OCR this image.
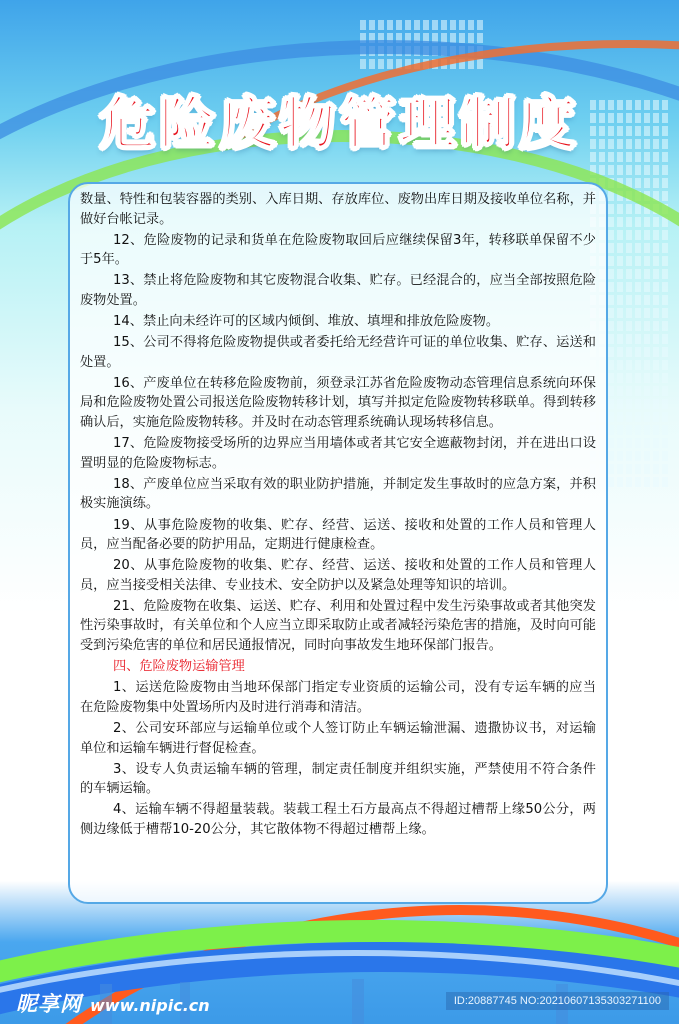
危险废物管理制度

数量、特性和包装容器的类别、入库日期、存放库位、废物出库日期及接收单位名称，并做好台帐记录。

12、危险废物的记录和货单在危险废物取回后应继续保留3年，转移联单保留不少于5年。

13、禁止将危险废物和其它废物混合收集、贮存。已经混合的，应当全部按照危险废物处置。

14、禁止向未经许可的区域内倾倒、堆放、填埋和排放危险废物。

15、公司不得将危险废物提供或者委托给无经营许可证的单位收集、贮存、运送和处置。

16、产废单位在转移危险废物前，须登录江苏省危险废物动态管理信息系统向环保局和危险废物处置公司报送危险废物转移计划，填写并拟定危险废物转移联单。得到转移确认后，实施危险废物转移。并及时在动态管理系统确认现场转移信息。

17、危险废物接受场所的边界应当用墙体或者其它安全遮蔽物封闭，并在进出口设置明显的危险废物标志。

18、产废单位应当采取有效的职业防护措施，并制定发生事故时的应急方案，并积极实施演练。

19、从事危险废物的收集、贮存、经营、运送、接收和处置的工作人员和管理人员，应当配备必要的防护用品，定期进行健康检查。

20、从事危险废物的收集、贮存、经营、运送、接收和处置的工作人员和管理人员，应当接受相关法律、专业技术、安全防护以及紧急处理等知识的培训。

21、危险废物在收集、运送、贮存、利用和处置过程中发生污染事故或者其他突发性污染事故时，有关单位和个人应当立即采取防止或者减轻污染危害的措施，及时向可能受到污染危害的单位和居民通报情况，同时向事故发生地环保部门报告。

四、危险废物运输管理

1、运送危险废物由当地环保部门指定专业资质的运输公司，没有专运车辆的应当在危险废物集中处置场所内及时进行消毒和清洁。

2、公司安环部应与运输单位或个人签订防止车辆运输泄漏、遗撒协议书，对运输单位和运输车辆进行督促检查。

3、设专人负责运输车辆的管理，制定责任制度并组织实施，严禁使用不符合条件的车辆运输。

4、运输车辆不得超量装载。装载工程土石方最高点不得超过槽帮上缘50公分，两侧边缘低于槽帮10-20公分，其它散体物不得超过槽帮上缘。

昵享网 www.nipic.cn	ID:20887745 NO:20210607135303271100
